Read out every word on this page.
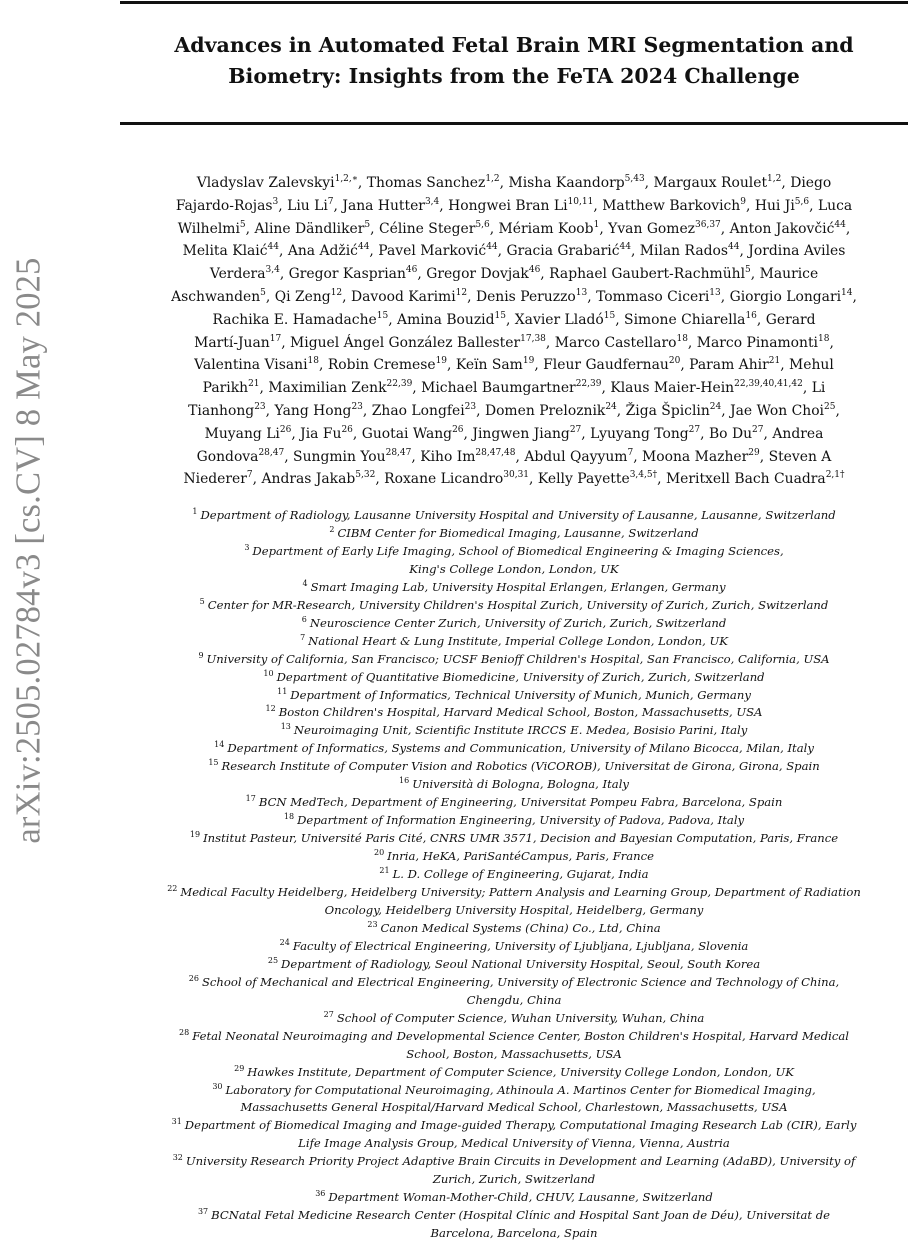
arXiv:2505.02784v3 [cs.CV] 8 May 2025
Advances in Automated Fetal Brain MRI Segmentation and
Biometry: Insights from the FeTA 2024 Challenge
Vladyslav Zalevskyi$^{1,2,∗}$, Thomas Sanchez$^{1,2}$, Misha Kaandorp$^{5,43}$, Margaux Roulet$^{1,2}$, Diego
Fajardo-Rojas$^3$, Liu Li$^7$, Jana Hutter$^{3,4}$, Hongwei Bran Li$^{10,11}$, Matthew Barkovich$^9$, Hui Ji$^{5,6}$, Luca
Wilhelmi$^5$, Aline Dändliker$^5$, Céline Steger$^{5,6}$, Mériam Koob$^1$, Yvan Gomez$^{36,37}$, Anton Jakovčić$^{44}$,
Melita Klaić$^{44}$, Ana Adžić$^{44}$, Pavel Marković$^{44}$, Gracia Grabarić$^{44}$, Milan Rados$^{44}$, Jordina Aviles
Verdera$^{3,4}$, Gregor Kasprian$^{46}$, Gregor Dovjak$^{46}$, Raphael Gaubert-Rachmühl$^5$, Maurice
Aschwanden$^5$, Qi Zeng$^{12}$, Davood Karimi$^{12}$, Denis Peruzzo$^{13}$, Tommaso Ciceri$^{13}$, Giorgio Longari$^{14}$,
Rachika E. Hamadache$^{15}$, Amina Bouzid$^{15}$, Xavier Lladó$^{15}$, Simone Chiarella$^{16}$, Gerard
Martí-Juan$^{17}$, Miguel Ángel González Ballester$^{17,38}$, Marco Castellaro$^{18}$, Marco Pinamonti$^{18}$,
Valentina Visani$^{18}$, Robin Cremese$^{19}$, Keïn Sam$^{19}$, Fleur Gaudfernau$^{20}$, Param Ahir$^{21}$, Mehul
Parikh$^{21}$, Maximilian Zenk$^{22,39}$, Michael Baumgartner$^{22,39}$, Klaus Maier-Hein$^{22,39,40,41,42}$, Li
Tianhong$^{23}$, Yang Hong$^{23}$, Zhao Longfei$^{23}$, Domen Preloznik$^{24}$, Žiga Špiclin$^{24}$, Jae Won Choi$^{25}$,
Muyang Li$^{26}$, Jia Fu$^{26}$, Guotai Wang$^{26}$, Jingwen Jiang$^{27}$, Lyuyang Tong$^{27}$, Bo Du$^{27}$, Andrea
Gondova$^{28,47}$, Sungmin You$^{28,47}$, Kiho Im$^{28,47,48}$, Abdul Qayyum$^7$, Moona Mazher$^{29}$, Steven A
Niederer$^7$, Andras Jakab$^{5,32}$, Roxane Licandro$^{30,31}$, Kelly Payette$^{3,4,5\dagger}$, Meritxell Bach Cuadra$^{2,1\dagger}$
$^1$ Department of Radiology, Lausanne University Hospital and University of Lausanne, Lausanne, Switzerland
$^2$ CIBM Center for Biomedical Imaging, Lausanne, Switzerland
$^3$ Department of Early Life Imaging, School of Biomedical Engineering & Imaging Sciences,
King's College London, London, UK
$^4$ Smart Imaging Lab, University Hospital Erlangen, Erlangen, Germany
$^5$ Center for MR-Research, University Children's Hospital Zurich, University of Zurich, Zurich, Switzerland
$^6$ Neuroscience Center Zurich, University of Zurich, Zurich, Switzerland
$^7$ National Heart & Lung Institute, Imperial College London, London, UK
$^9$ University of California, San Francisco; UCSF Benioff Children's Hospital, San Francisco, California, USA
$^{10}$ Department of Quantitative Biomedicine, University of Zurich, Zurich, Switzerland
$^{11}$ Department of Informatics, Technical University of Munich, Munich, Germany
$^{12}$ Boston Children's Hospital, Harvard Medical School, Boston, Massachusetts, USA
$^{13}$ Neuroimaging Unit, Scientific Institute IRCCS E. Medea, Bosisio Parini, Italy
$^{14}$ Department of Informatics, Systems and Communication, University of Milano Bicocca, Milan, Italy
$^{15}$ Research Institute of Computer Vision and Robotics (ViCOROB), Universitat de Girona, Girona, Spain
$^{16}$ Università di Bologna, Bologna, Italy
$^{17}$ BCN MedTech, Department of Engineering, Universitat Pompeu Fabra, Barcelona, Spain
$^{18}$ Department of Information Engineering, University of Padova, Padova, Italy
$^{19}$ Institut Pasteur, Université Paris Cité, CNRS UMR 3571, Decision and Bayesian Computation, Paris, France
$^{20}$ Inria, HeKA, PariSantéCampus, Paris, France
$^{21}$ L. D. College of Engineering, Gujarat, India
$^{22}$ Medical Faculty Heidelberg, Heidelberg University; Pattern Analysis and Learning Group, Department of Radiation
Oncology, Heidelberg University Hospital, Heidelberg, Germany
$^{23}$ Canon Medical Systems (China) Co., Ltd, China
$^{24}$ Faculty of Electrical Engineering, University of Ljubljana, Ljubljana, Slovenia
$^{25}$ Department of Radiology, Seoul National University Hospital, Seoul, South Korea
$^{26}$ School of Mechanical and Electrical Engineering, University of Electronic Science and Technology of China,
Chengdu, China
$^{27}$ School of Computer Science, Wuhan University, Wuhan, China
$^{28}$ Fetal Neonatal Neuroimaging and Developmental Science Center, Boston Children's Hospital, Harvard Medical
School, Boston, Massachusetts, USA
$^{29}$ Hawkes Institute, Department of Computer Science, University College London, London, UK
$^{30}$ Laboratory for Computational Neuroimaging, Athinoula A. Martinos Center for Biomedical Imaging,
Massachusetts General Hospital/Harvard Medical School, Charlestown, Massachusetts, USA
$^{31}$ Department of Biomedical Imaging and Image-guided Therapy, Computational Imaging Research Lab (CIR), Early
Life Image Analysis Group, Medical University of Vienna, Vienna, Austria
$^{32}$ University Research Priority Project Adaptive Brain Circuits in Development and Learning (AdaBD), University of
Zurich, Zurich, Switzerland
$^{36}$ Department Woman-Mother-Child, CHUV, Lausanne, Switzerland
$^{37}$ BCNatal Fetal Medicine Research Center (Hospital Clínic and Hospital Sant Joan de Déu), Universitat de
Barcelona, Barcelona, Spain
